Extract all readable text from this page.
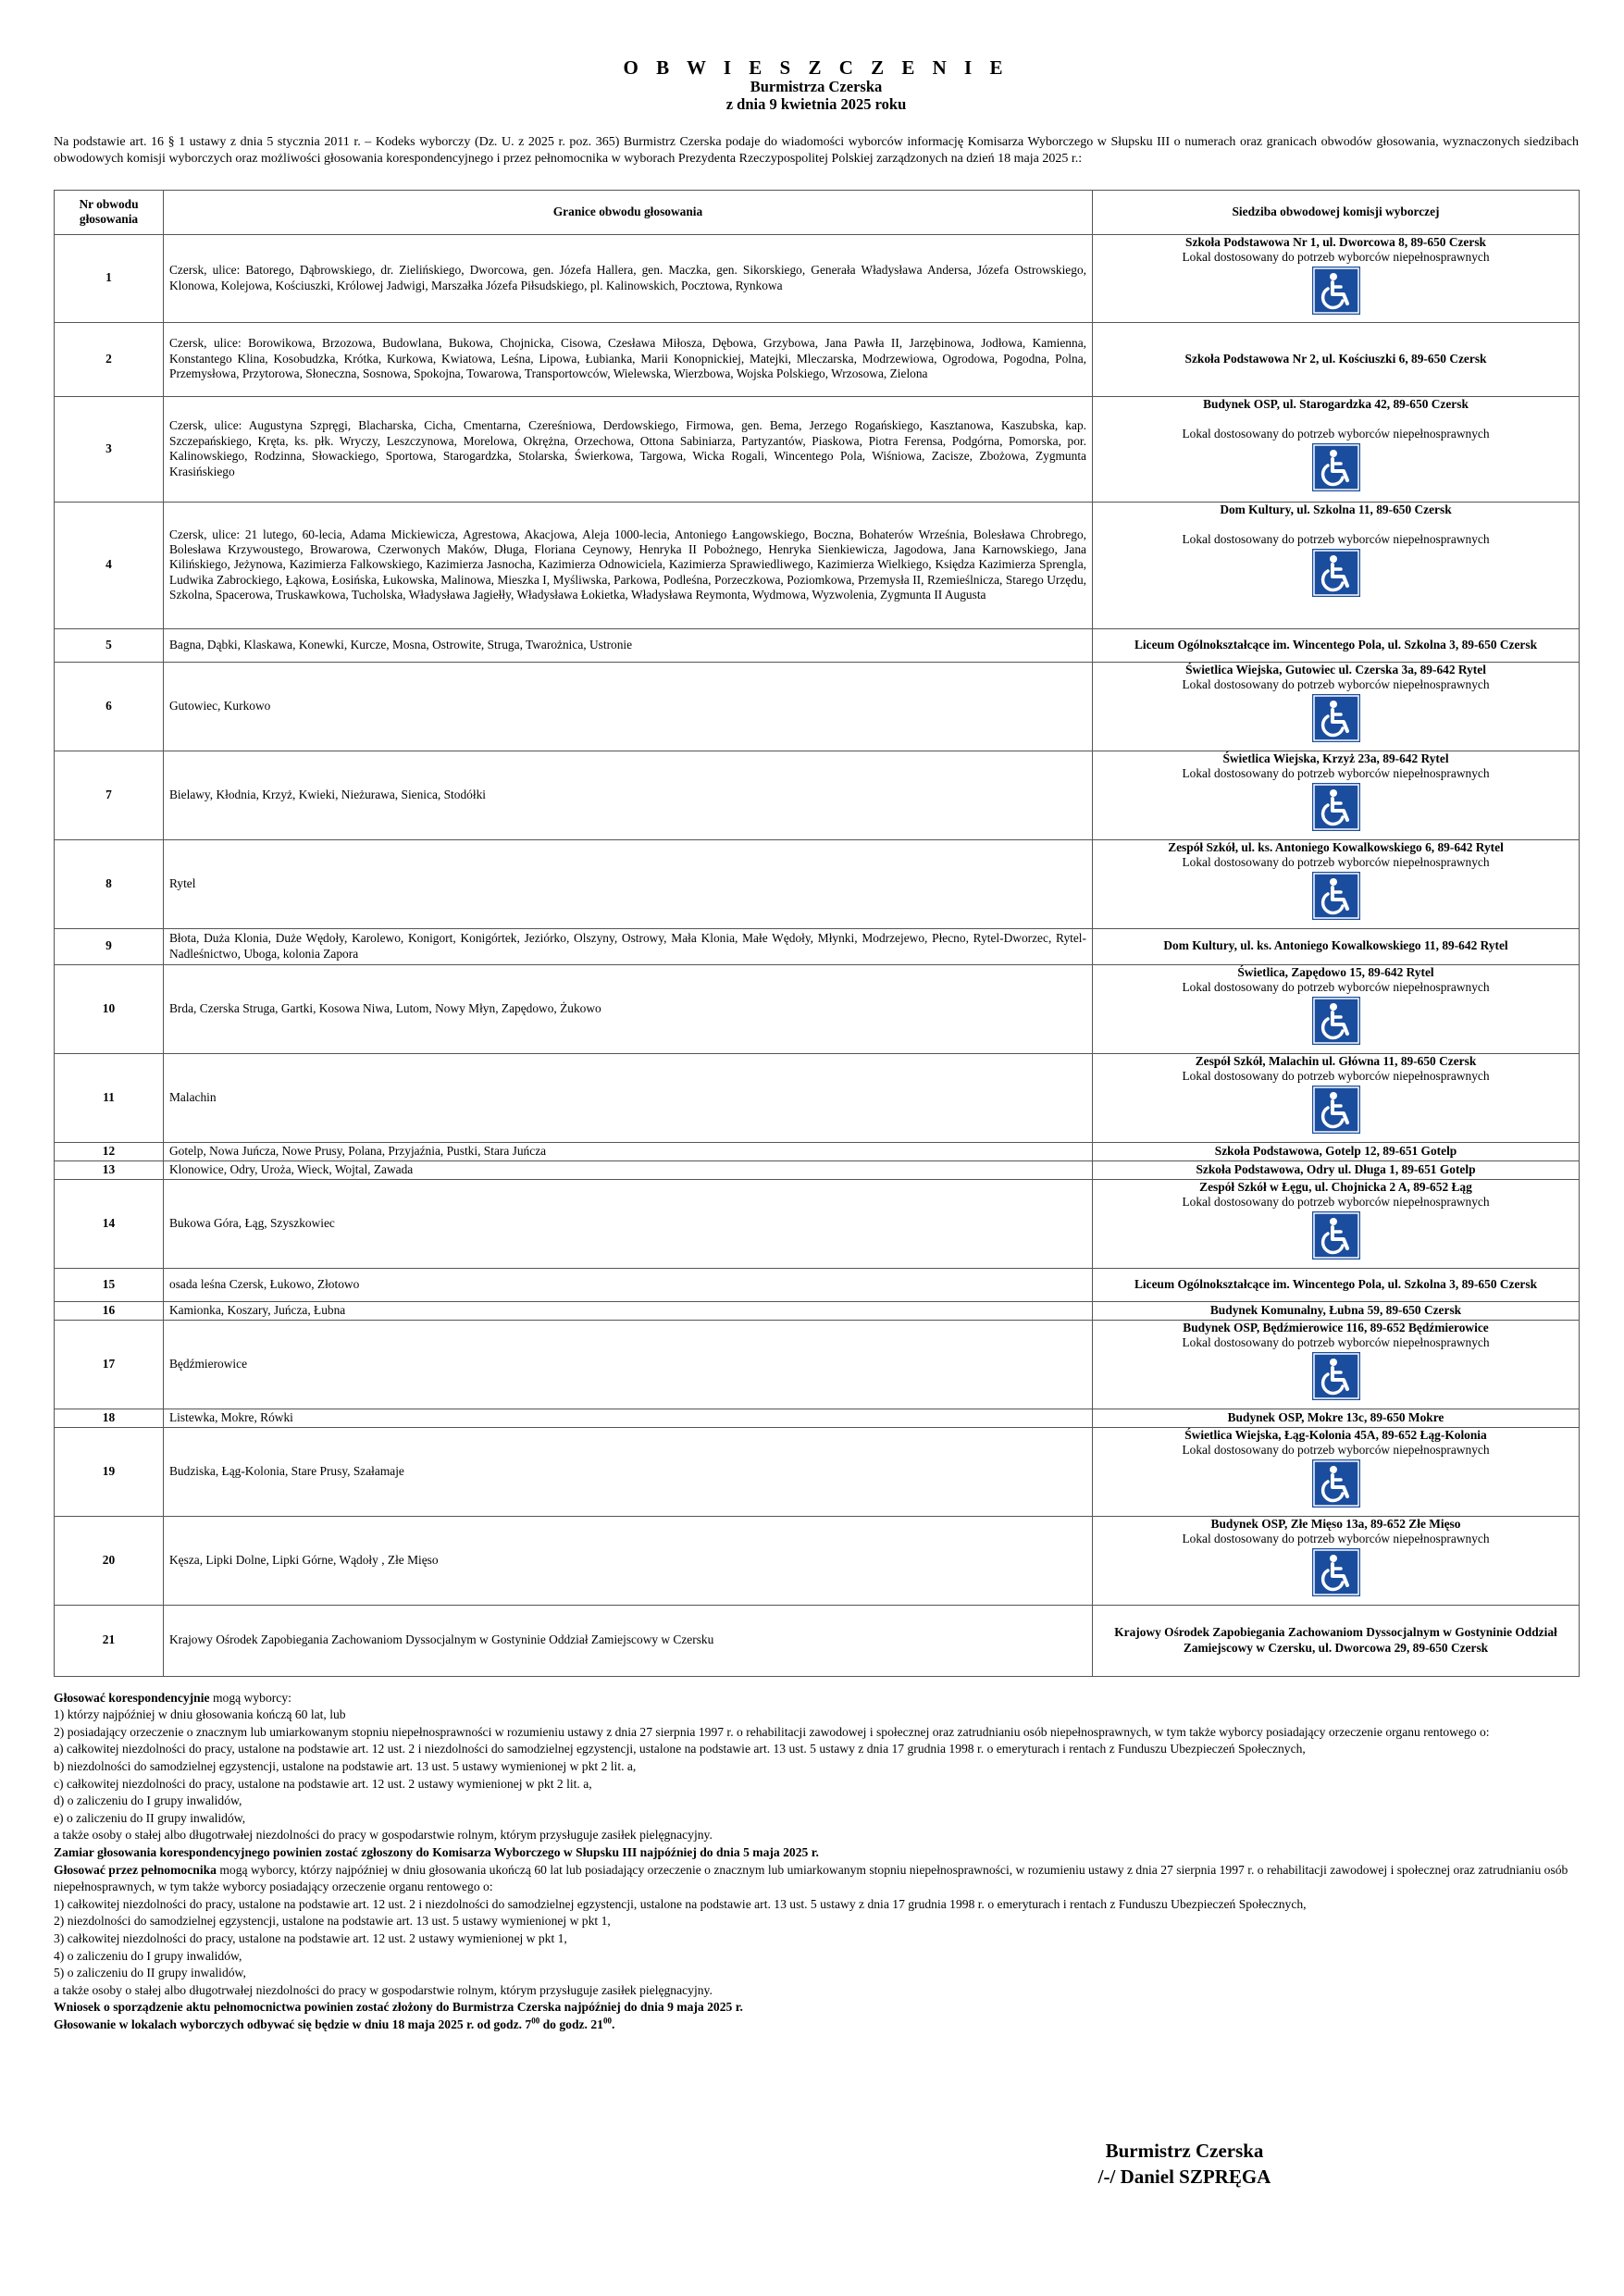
O B W I E S Z C Z E N I E
Burmistrza Czerska
z dnia 9 kwietnia 2025 roku
Na podstawie art. 16 § 1 ustawy z dnia 5 stycznia 2011 r. – Kodeks wyborczy (Dz. U. z 2025 r. poz. 365) Burmistrz Czerska podaje do wiadomości wyborców informację Komisarza Wyborczego w Słupsku III o numerach oraz granicach obwodów głosowania, wyznaczonych siedzibach obwodowych komisji wyborczych oraz możliwości głosowania korespondencyjnego i przez pełnomocnika w wyborach Prezydenta Rzeczypospolitej Polskiej zarządzonych na dzień 18 maja 2025 r.:
Nr obwodu głosowania	Granice obwodu głosowania	Siedziba obwodowej komisji wyborczej
1	Czersk, ulice: Batorego, Dąbrowskiego, dr. Zielińskiego, Dworcowa, gen. Józefa Hallera, gen. Maczka, gen. Sikorskiego, Generała Władysława Andersa, Józefa Ostrowskiego, Klonowa, Kolejowa, Kościuszki, Królowej Jadwigi, Marszałka Józefa Piłsudskiego, pl. Kalinowskich, Pocztowa, Rynkowa	Szkoła Podstawowa Nr 1, ul. Dworcowa 8, 89-650 Czersk
Lokal dostosowany do potrzeb wyborców niepełnosprawnych

2	Czersk, ulice: Borowikowa, Brzozowa, Budowlana, Bukowa, Chojnicka, Cisowa, Czesława Miłosza, Dębowa, Grzybowa, Jana Pawła II, Jarzębinowa, Jodłowa, Kamienna, Konstantego Klina, Kosobudzka, Krótka, Kurkowa, Kwiatowa, Leśna, Lipowa, Łubianka, Marii Konopnickiej, Matejki, Mleczarska, Modrzewiowa, Ogrodowa, Pogodna, Polna, Przemysłowa, Przytorowa, Słoneczna, Sosnowa, Spokojna, Towarowa, Transportowców, Wielewska, Wierzbowa, Wojska Polskiego, Wrzosowa, Zielona	Szkoła Podstawowa Nr 2, ul. Kościuszki 6, 89-650 Czersk

3	Czersk, ulice: Augustyna Szpręgi, Blacharska, Cicha, Cmentarna, Czereśniowa, Derdowskiego, Firmowa, gen. Bema, Jerzego Rogańskiego, Kasztanowa, Kaszubska, kap. Szczepańskiego, Kręta, ks. płk. Wryczy, Leszczynowa, Morelowa, Okrężna, Orzechowa, Ottona Sabiniarza, Partyzantów, Piaskowa, Piotra Ferensa, Podgórna, Pomorska, por. Kalinowskiego, Rodzinna, Słowackiego, Sportowa, Starogardzka, Stolarska, Świerkowa, Targowa, Wicka Rogali, Wincentego Pola, Wiśniowa, Zacisze, Zbożowa, Zygmunta Krasińskiego	Budynek OSP, ul. Starogardzka 42, 89-650 Czersk
Lokal dostosowany do potrzeb wyborców niepełnosprawnych

4	Czersk, ulice: 21 lutego, 60-lecia, Adama Mickiewicza, Agrestowa, Akacjowa, Aleja 1000-lecia, Antoniego Łangowskiego, Boczna, Bohaterów Września, Bolesława Chrobrego, Bolesława Krzywoustego, Browarowa, Czerwonych Maków, Długa, Floriana Ceynowy, Henryka II Pobożnego, Henryka Sienkiewicza, Jagodowa, Jana Karnowskiego, Jana Kilińskiego, Jeżynowa, Kazimierza Falkowskiego, Kazimierza Jasnocha, Kazimierza Odnowiciela, Kazimierza Sprawiedliwego, Kazimierza Wielkiego, Księdza Kazimierza Sprengla, Ludwika Zabrockiego, Łąkowa, Łosińska, Łukowska, Malinowa, Mieszka I, Myśliwska, Parkowa, Podleśna, Porzeczkowa, Poziomkowa, Przemysła II, Rzemieślnicza, Starego Urzędu, Szkolna, Spacerowa, Truskawkowa, Tucholska, Władysława Jagiełły, Władysława Łokietka, Władysława Reymonta, Wydmowa, Wyzwolenia, Zygmunta II Augusta	Dom Kultury, ul. Szkolna 11, 89-650 Czersk
Lokal dostosowany do potrzeb wyborców niepełnosprawnych

5	Bagna, Dąbki, Klaskawa, Konewki, Kurcze, Mosna, Ostrowite, Struga, Twarożnica, Ustronie	Liceum Ogólnokształcące im. Wincentego Pola, ul. Szkolna 3, 89-650 Czersk

6	Gutowiec, Kurkowo	Świetlica Wiejska, Gutowiec ul. Czerska 3a, 89-642 Rytel
Lokal dostosowany do potrzeb wyborców niepełnosprawnych

7	Bielawy, Kłodnia, Krzyż, Kwieki, Nieżurawa, Sienica, Stodółki	Świetlica Wiejska, Krzyż 23a, 89-642 Rytel
Lokal dostosowany do potrzeb wyborców niepełnosprawnych

8	Rytel	Zespół Szkół, ul. ks. Antoniego Kowalkowskiego 6, 89-642 Rytel
Lokal dostosowany do potrzeb wyborców niepełnosprawnych

9	Błota, Duża Klonia, Duże Wędoły, Karolewo, Konigort, Konigórtek, Jeziórko, Olszyny, Ostrowy, Mała Klonia, Małe Wędoły, Młynki, Modrzejewo, Płecno, Rytel-Dworzec, Rytel-Nadleśnictwo, Uboga, kolonia Zapora	Dom Kultury, ul. ks. Antoniego Kowalkowskiego 11, 89-642 Rytel

10	Brda, Czerska Struga, Gartki, Kosowa Niwa, Lutom, Nowy Młyn, Zapędowo, Żukowo	Świetlica, Zapędowo 15, 89-642 Rytel
Lokal dostosowany do potrzeb wyborców niepełnosprawnych

11	Malachin	Zespół Szkół, Malachin ul. Główna 11, 89-650 Czersk
Lokal dostosowany do potrzeb wyborców niepełnosprawnych

12	Gotelp, Nowa Juńcza, Nowe Prusy, Polana, Przyjaźnia, Pustki, Stara Juńcza	Szkoła Podstawowa, Gotelp 12, 89-651 Gotelp

13	Klonowice, Odry, Uroża, Wieck, Wojtal, Zawada	Szkoła Podstawowa, Odry ul. Długa 1, 89-651 Gotelp

14	Bukowa Góra, Łąg, Szyszkowiec	Zespół Szkół w Łęgu, ul. Chojnicka 2 A, 89-652 Łąg
Lokal dostosowany do potrzeb wyborców niepełnosprawnych

15	osada leśna Czersk, Łukowo, Złotowo	Liceum Ogólnokształcące im. Wincentego Pola, ul. Szkolna 3, 89-650 Czersk

16	Kamionka, Koszary, Juńcza, Łubna	Budynek Komunalny, Łubna 59, 89-650 Czersk

17	Będźmierowice	Budynek OSP, Będźmierowice 116, 89-652 Będźmierowice
Lokal dostosowany do potrzeb wyborców niepełnosprawnych

18	Listewka, Mokre, Rówki	Budynek OSP, Mokre 13c, 89-650 Mokre

19	Budziska, Łąg-Kolonia, Stare Prusy, Szałamaje	Świetlica Wiejska, Łąg-Kolonia 45A, 89-652 Łąg-Kolonia
Lokal dostosowany do potrzeb wyborców niepełnosprawnych

20	Kęsza, Lipki Dolne, Lipki Górne, Wądoły , Złe Mięso	Budynek OSP, Złe Mięso 13a, 89-652 Złe Mięso
Lokal dostosowany do potrzeb wyborców niepełnosprawnych

21	Krajowy Ośrodek Zapobiegania Zachowaniom Dyssocjalnym w Gostyninie Oddział Zamiejscowy w Czersku	Krajowy Ośrodek Zapobiegania Zachowaniom Dyssocjalnym w Gostyninie Oddział Zamiejscowy w Czersku, ul. Dworcowa 29, 89-650 Czersk

Głosować korespondencyjnie mogą wyborcy:

1) którzy najpóźniej w dniu głosowania kończą 60 lat, lub

2) posiadający orzeczenie o znacznym lub umiarkowanym stopniu niepełnosprawności w rozumieniu ustawy z dnia 27 sierpnia 1997 r. o rehabilitacji zawodowej i społecznej oraz zatrudnianiu osób niepełnosprawnych, w tym także wyborcy posiadający orzeczenie organu rentowego o:

a) całkowitej niezdolności do pracy, ustalone na podstawie art. 12 ust. 2 i niezdolności do samodzielnej egzystencji, ustalone na podstawie art. 13 ust. 5 ustawy z dnia 17 grudnia 1998 r. o emeryturach i rentach z Funduszu Ubezpieczeń Społecznych,

b) niezdolności do samodzielnej egzystencji, ustalone na podstawie art. 13 ust. 5 ustawy wymienionej w pkt 2 lit. a,

c) całkowitej niezdolności do pracy, ustalone na podstawie art. 12 ust. 2 ustawy wymienionej w pkt 2 lit. a,

d) o zaliczeniu do I grupy inwalidów,

e) o zaliczeniu do II grupy inwalidów,

a także osoby o stałej albo długotrwałej niezdolności do pracy w gospodarstwie rolnym, którym przysługuje zasiłek pielęgnacyjny.

Zamiar głosowania korespondencyjnego powinien zostać zgłoszony do Komisarza Wyborczego w Słupsku III najpóźniej do dnia 5 maja 2025 r.

Głosować przez pełnomocnika mogą wyborcy, którzy najpóźniej w dniu głosowania ukończą 60 lat lub posiadający orzeczenie o znacznym lub umiarkowanym stopniu niepełnosprawności, w rozumieniu ustawy z dnia 27 sierpnia 1997 r. o rehabilitacji zawodowej i społecznej oraz zatrudnianiu osób niepełnosprawnych, w tym także wyborcy posiadający orzeczenie organu rentowego o:

1) całkowitej niezdolności do pracy, ustalone na podstawie art. 12 ust. 2 i niezdolności do samodzielnej egzystencji, ustalone na podstawie art. 13 ust. 5 ustawy z dnia 17 grudnia 1998 r. o emeryturach i rentach z Funduszu Ubezpieczeń Społecznych,

2) niezdolności do samodzielnej egzystencji, ustalone na podstawie art. 13 ust. 5 ustawy wymienionej w pkt 1,

3) całkowitej niezdolności do pracy, ustalone na podstawie art. 12 ust. 2 ustawy wymienionej w pkt 1,

4) o zaliczeniu do I grupy inwalidów,

5) o zaliczeniu do II grupy inwalidów,

a także osoby o stałej albo długotrwałej niezdolności do pracy w gospodarstwie rolnym, którym przysługuje zasiłek pielęgnacyjny.

Wniosek o sporządzenie aktu pełnomocnictwa powinien zostać złożony do Burmistrza Czerska najpóźniej do dnia 9 maja 2025 r.

Głosowanie w lokalach wyborczych odbywać się będzie w dniu 18 maja 2025 r. od godz. $7^{00}$ do godz. $21^{00}$.

Burmistrz Czerska
/-/ Daniel SZPRĘGA
